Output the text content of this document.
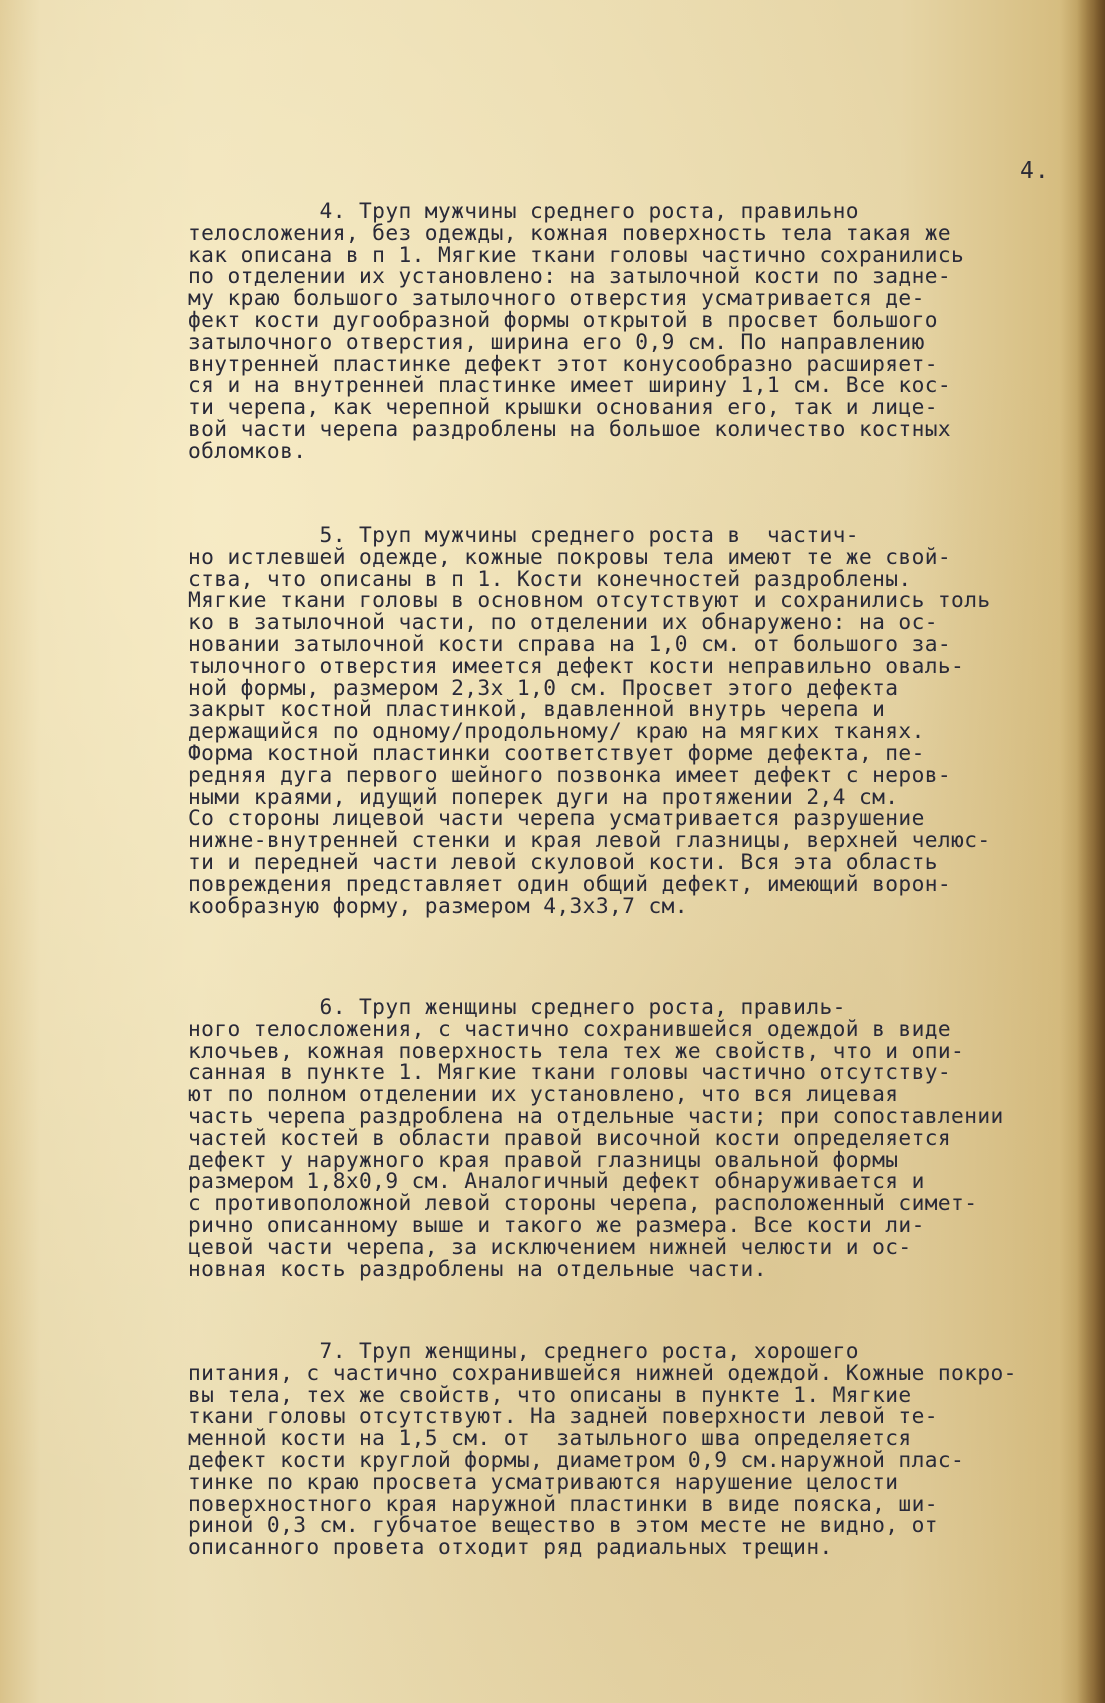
4.
4. Труп мужчины среднего роста, правильно
телосложения, без одежды, кожная поверхность тела такая же
как описана в п 1. Мягкие ткани головы частично сохранились
по отделении их установлено: на затылочной кости по задне-
му краю большого затылочного отверстия усматривается де-
фект кости дугообразной формы открытой в просвет большого
затылочного отверстия, ширина его 0,9 см. По направлению
внутренней пластинке дефект этот конусообразно расширяет-
ся и на внутренней пластинке имеет ширину 1,1 см. Все кос-
ти черепа, как черепной крышки основания его, так и лице-
вой части черепа раздроблены на большое количество костных
обломков.
5. Труп мужчины среднего роста в  частич-
но истлевшей одежде, кожные покровы тела имеют те же свой-
ства, что описаны в п 1. Кости конечностей раздроблены.
Мягкие ткани головы в основном отсутствуют и сохранились толь
ко в затылочной части, по отделении их обнаружено: на ос-
новании затылочной кости справа на 1,0 см. от большого за-
тылочного отверстия имеется дефект кости неправильно оваль-
ной формы, размером 2,3х 1,0 см. Просвет этого дефекта
закрыт костной пластинкой, вдавленной внутрь черепа и
держащийся по одному/продольному/ краю на мягких тканях.
Форма костной пластинки соответствует форме дефекта, пе-
редняя дуга первого шейного позвонка имеет дефект с неров-
ными краями, идущий поперек дуги на протяжении 2,4 см.
Со стороны лицевой части черепа усматривается разрушение
нижне-внутренней стенки и края левой глазницы, верхней челюс-
ти и передней части левой скуловой кости. Вся эта область
повреждения представляет один общий дефект, имеющий ворон-
кообразную форму, размером 4,3х3,7 см.
6. Труп женщины среднего роста, правиль-
ного телосложения, с частично сохранившейся одеждой в виде
клочьев, кожная поверхность тела тех же свойств, что и опи-
санная в пункте 1. Мягкие ткани головы частично отсутству-
ют по полном отделении их установлено, что вся лицевая
часть черепа раздроблена на отдельные части; при сопоставлении
частей костей в области правой височной кости определяется
дефект у наружного края правой глазницы овальной формы
размером 1,8х0,9 см. Аналогичный дефект обнаруживается и
с противоположной левой стороны черепа, расположенный симет-
рично описанному выше и такого же размера. Все кости ли-
цевой части черепа, за исключением нижней челюсти и ос-
новная кость раздроблены на отдельные части.
7. Труп женщины, среднего роста, хорошего
питания, с частично сохранившейся нижней одеждой. Кожные покро-
вы тела, тех же свойств, что описаны в пункте 1. Мягкие
ткани головы отсутствуют. На задней поверхности левой те-
менной кости на 1,5 см. от  затыльного шва определяется
дефект кости круглой формы, диаметром 0,9 см.наружной плас-
тинке по краю просвета усматриваются нарушение целости
поверхностного края наружной пластинки в виде пояска, ши-
риной 0,3 см. губчатое вещество в этом месте не видно, от
описанного провета отходит ряд радиальных трещин.
